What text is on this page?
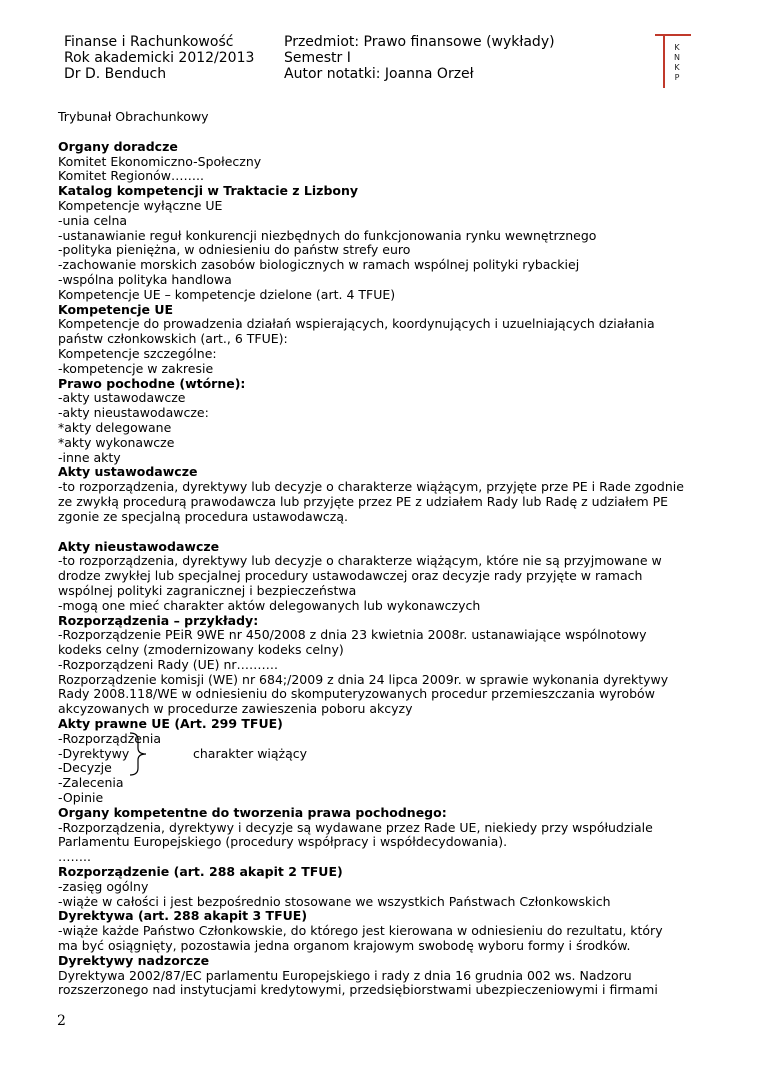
Finanse i Rachunkowość
Rok akademicki 2012/2013
Dr D. Benduch
Przedmiot: Prawo finansowe (wykłady)
Semestr I
Autor notatki: Joanna Orzeł
K
N
K
P

Trybunał Obrachunkowy

Organy doradcze

Komitet Ekonomiczno-Społeczny

Komitet Regionów……..

Katalog kompetencji w Traktacie z Lizbony

Kompetencje wyłączne UE

-unia celna

-ustanawianie reguł konkurencji niezbędnych do funkcjonowania rynku wewnętrznego

-polityka pieniężna, w odniesieniu do państw strefy euro

-zachowanie morskich zasobów biologicznych w ramach wspólnej polityki rybackiej

-wspólna polityka handlowa

Kompetencje UE – kompetencje dzielone (art. 4 TFUE)

Kompetencje UE

Kompetencje do prowadzenia działań wspierających, koordynujących i uzuelniających działania

państw członkowskich (art., 6 TFUE):

Kompetencje szczególne:

-kompetencje w zakresie

Prawo pochodne (wtórne):

-akty ustawodawcze

-akty nieustawodawcze:

*akty delegowane

*akty wykonawcze

-inne akty

Akty ustawodawcze

-to rozporządzenia, dyrektywy lub decyzje o charakterze wiążącym, przyjęte prze PE i Rade zgodnie

ze zwykłą procedurą prawodawcza lub przyjęte przez PE z udziałem Rady lub Radę z udziałem PE

zgonie ze specjalną procedura ustawodawczą.

Akty nieustawodawcze

-to rozporządzenia, dyrektywy lub decyzje o charakterze wiążącym, które nie są przyjmowane w

drodze zwykłej lub specjalnej procedury ustawodawczej oraz decyzje rady przyjęte w ramach

wspólnej polityki zagranicznej i bezpieczeństwa

-mogą one mieć charakter aktów delegowanych lub wykonawczych

Rozporządzenia – przykłady:

-Rozporządzenie PEiR 9WE nr 450/2008 z dnia 23 kwietnia 2008r. ustanawiające wspólnotowy

kodeks celny (zmodernizowany kodeks celny)

-Rozporządzeni Rady (UE) nr……….

Rozporządzenie komisji (WE) nr 684;/2009 z dnia 24 lipca 2009r. w sprawie wykonania dyrektywy

Rady 2008.118/WE w odniesieniu do skomputeryzowanych procedur przemieszczania wyrobów

akcyzowanych w procedurze zawieszenia poboru akcyzy

Akty prawne UE (Art. 299 TFUE)

-Rozporządzenia

-Dyrektywy	charakter wiążący

-Decyzje

-Zalecenia

-Opinie

Organy kompetentne do tworzenia prawa pochodnego:

-Rozporządzenia, dyrektywy i decyzje są wydawane przez Rade UE, niekiedy przy współudziale

Parlamentu Europejskiego (procedury współpracy i współdecydowania).

……..

Rozporządzenie (art. 288 akapit 2 TFUE)

-zasięg ogólny

-wiąże w całości i jest bezpośrednio stosowane we wszystkich Państwach Członkowskich

Dyrektywa (art. 288 akapit 3 TFUE)

-wiąże każde Państwo Członkowskie, do którego jest kierowana w odniesieniu do rezultatu, który

ma być osiągnięty, pozostawia jedna organom krajowym swobodę wyboru formy i środków.

Dyrektywy nadzorcze

Dyrektywa 2002/87/EC parlamentu Europejskiego i rady z dnia 16 grudnia 002 ws. Nadzoru

rozszerzonego nad instytucjami kredytowymi, przedsiębiorstwami ubezpieczeniowymi i firmami

2
